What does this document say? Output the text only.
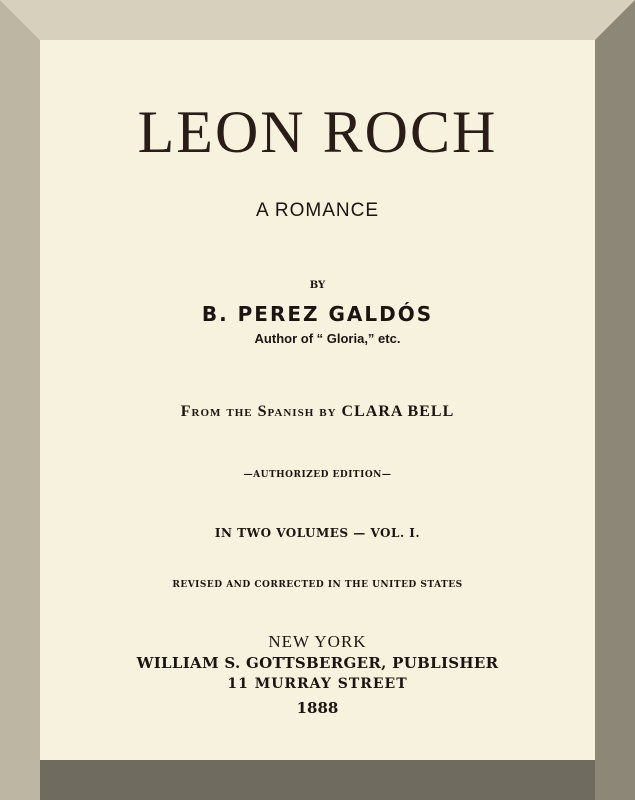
LEON ROCH
A ROMANCE
BY
B. PEREZ GALDÓS
Author of “ Gloria,” etc.
From the Spanish by CLARA BELL
—AUTHORIZED EDITION—
IN TWO VOLUMES — VOL. I.
REVISED AND CORRECTED IN THE UNITED STATES
NEW YORK
WILLIAM S. GOTTSBERGER, PUBLISHER
11 MURRAY STREET
1888
